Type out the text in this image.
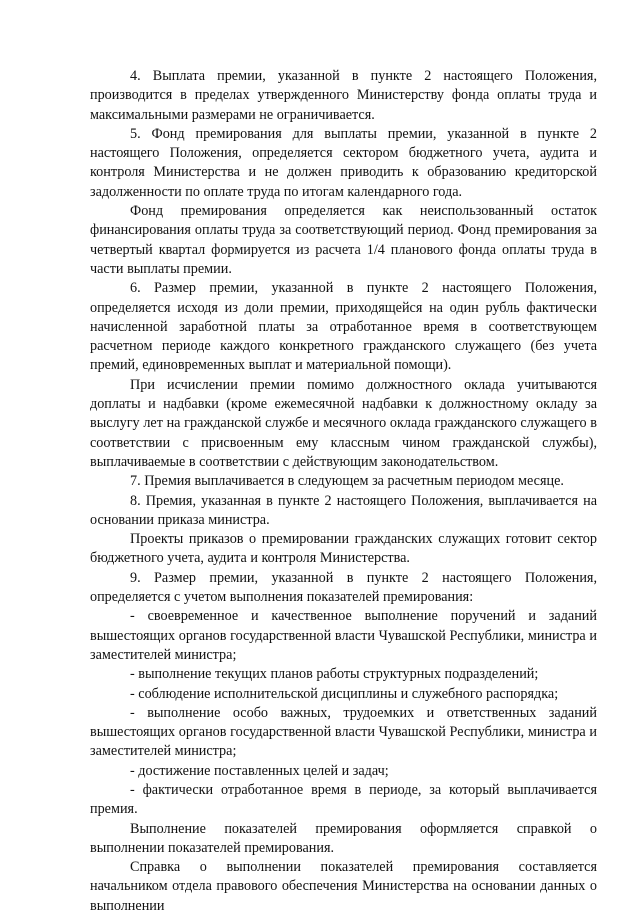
4. Выплата премии, указанной в пункте 2 настоящего Положения, производится в пределах утвержденного Министерству фонда оплаты труда и максимальными размерами не ограничивается.

5. Фонд премирования для выплаты премии, указанной в пункте 2 настоящего Положения, определяется сектором бюджетного учета, аудита и контроля Министерства и не должен приводить к образованию кредиторской задолженности по оплате труда по итогам календарного года.

Фонд премирования определяется как неиспользованный остаток финансирования оплаты труда за соответствующий период. Фонд премирования за четвертый квартал формируется из расчета 1/4 планового фонда оплаты труда в части выплаты премии.

6. Размер премии, указанной в пункте 2 настоящего Положения, определяется исходя из доли премии, приходящейся на один рубль фактически начисленной заработной платы за отработанное время в соответствующем расчетном периоде каждого конкретного гражданского служащего (без учета премий, единовременных выплат и материальной помощи).

При исчислении премии помимо должностного оклада учитываются доплаты и надбавки (кроме ежемесячной надбавки к должностному окладу за выслугу лет на гражданской службе и месячного оклада гражданского служащего в соответствии с присвоенным ему классным чином гражданской службы), выплачиваемые в соответствии с действующим законодательством.

7. Премия выплачивается в следующем за расчетным периодом месяце.

8. Премия, указанная в пункте 2 настоящего Положения, выплачивается на основании приказа министра.

Проекты приказов о премировании гражданских служащих готовит сектор бюджетного учета, аудита и контроля Министерства.

9. Размер премии, указанной в пункте 2 настоящего Положения, определяется с учетом выполнения показателей премирования:

- своевременное и качественное выполнение поручений и заданий вышестоящих органов государственной власти Чувашской Республики, министра и заместителей министра;

- выполнение текущих планов работы структурных подразделений;

- соблюдение исполнительской дисциплины и служебного распорядка;

- выполнение особо важных, трудоемких и ответственных заданий вышестоящих органов государственной власти Чувашской Республики, министра и заместителей министра;

- достижение поставленных целей и задач;

- фактически отработанное время в периоде, за который выплачивается премия.

Выполнение показателей премирования оформляется справкой о выполнении показателей премирования.

Справка о выполнении показателей премирования составляется начальником отдела правового обеспечения Министерства на основании данных о выполнении
